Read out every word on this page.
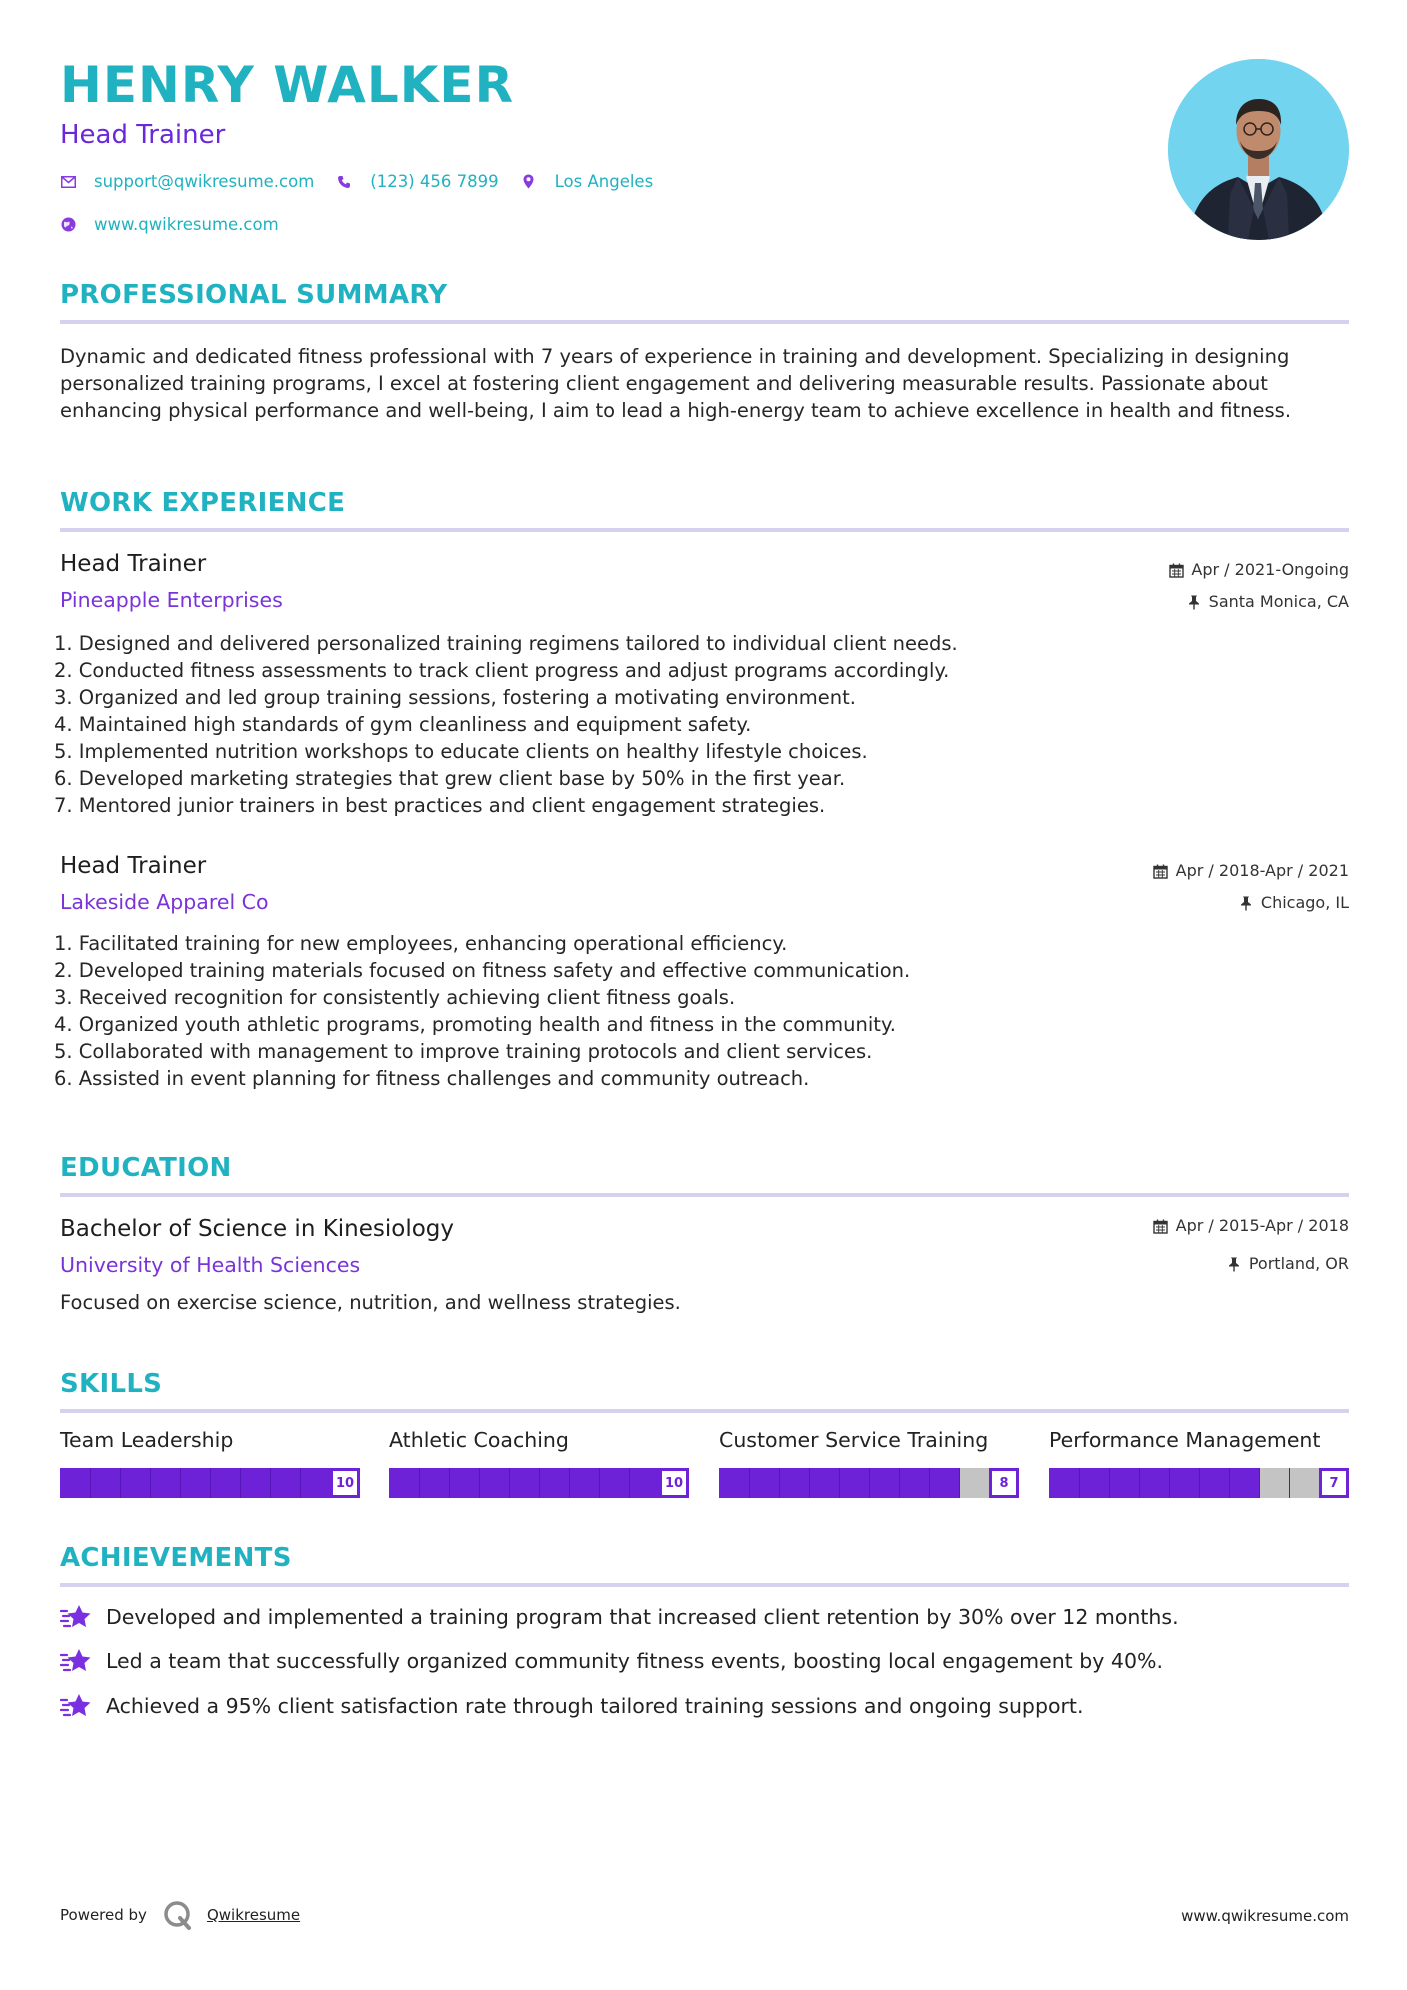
HENRY WALKER
Head Trainer
support@qwikresume.com	(123) 456 7899	Los Angeles
www.qwikresume.com
PROFESSIONAL SUMMARY
Dynamic and dedicated fitness professional with 7 years of experience in training and development. Specializing in designing personalized training programs, I excel at fostering client engagement and delivering measurable results. Passionate about enhancing physical performance and well-being, I aim to lead a high-energy team to achieve excellence in health and fitness.
WORK EXPERIENCE
Head Trainer
Pineapple Enterprises
Apr / 2021-Ongoing
Santa Monica, CA
1. Designed and delivered personalized training regimens tailored to individual client needs.
2. Conducted fitness assessments to track client progress and adjust programs accordingly.
3. Organized and led group training sessions, fostering a motivating environment.
4. Maintained high standards of gym cleanliness and equipment safety.
5. Implemented nutrition workshops to educate clients on healthy lifestyle choices.
6. Developed marketing strategies that grew client base by 50% in the first year.
7. Mentored junior trainers in best practices and client engagement strategies.
Head Trainer
Lakeside Apparel Co
Apr / 2018-Apr / 2021
Chicago, IL
1. Facilitated training for new employees, enhancing operational efficiency.
2. Developed training materials focused on fitness safety and effective communication.
3. Received recognition for consistently achieving client fitness goals.
4. Organized youth athletic programs, promoting health and fitness in the community.
5. Collaborated with management to improve training protocols and client services.
6. Assisted in event planning for fitness challenges and community outreach.
EDUCATION
Bachelor of Science in Kinesiology
University of Health Sciences
Apr / 2015-Apr / 2018
Portland, OR
Focused on exercise science, nutrition, and wellness strategies.
SKILLS
Team Leadership
10
Athletic Coaching
10
Customer Service Training
8
Performance Management
7
ACHIEVEMENTS
Developed and implemented a training program that increased client retention by 30% over 12 months.
Led a team that successfully organized community fitness events, boosting local engagement by 40%.
Achieved a 95% client satisfaction rate through tailored training sessions and ongoing support.
Powered by	Qwikresume	www.qwikresume.com
